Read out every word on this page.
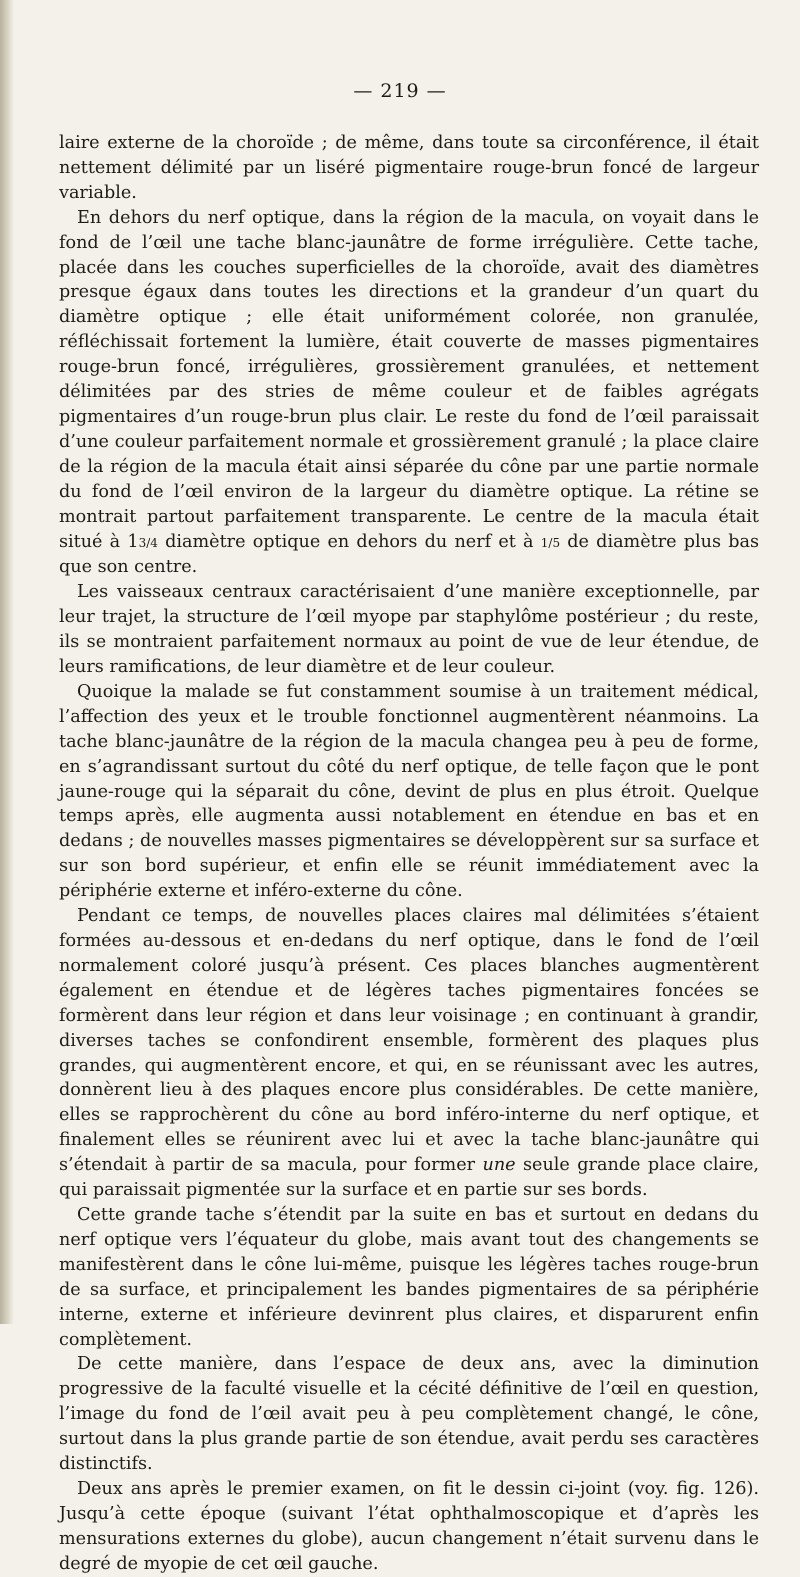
— 219 —

laire externe de la choroïde ; de même, dans toute sa circonférence, il était nettement délimité par un liséré pigmentaire rouge-brun foncé de largeur variable.

En dehors du nerf optique, dans la région de la macula, on voyait dans le fond de l’œil une tache blanc-jaunâtre de forme irrégulière. Cette tache, placée dans les couches superficielles de la choroïde, avait des diamètres presque égaux dans toutes les directions et la grandeur d’un quart du diamètre optique ; elle était uniformément colorée, non granulée, réfléchissait fortement la lumière, était couverte de masses pigmentaires rouge-brun foncé, irrégulières, grossièrement granulées, et nettement délimitées par des stries de même couleur et de faibles agrégats pigmentaires d’un rouge-brun plus clair. Le reste du fond de l’œil paraissait d’une couleur parfaitement normale et grossièrement granulé ; la place claire de la région de la macula était ainsi séparée du cône par une partie normale du fond de l’œil environ de la largeur du diamètre optique. La rétine se montrait partout parfaitement transparente. Le centre de la macula était situé à 13/4 diamètre optique en dehors du nerf et à 1/5 de diamètre plus bas que son centre.

Les vaisseaux centraux caractérisaient d’une manière exceptionnelle, par leur trajet, la structure de l’œil myope par staphylôme postérieur ; du reste, ils se montraient parfaitement normaux au point de vue de leur étendue, de leurs ramifications, de leur diamètre et de leur couleur.

Quoique la malade se fut constamment soumise à un traitement médical, l’affection des yeux et le trouble fonctionnel augmentèrent néanmoins. La tache blanc-jaunâtre de la région de la macula changea peu à peu de forme, en s’agrandissant surtout du côté du nerf optique, de telle façon que le pont jaune-rouge qui la séparait du cône, devint de plus en plus étroit. Quelque temps après, elle augmenta aussi notablement en étendue en bas et en dedans ; de nouvelles masses pigmentaires se développèrent sur sa surface et sur son bord supérieur, et enfin elle se réunit immédiatement avec la périphérie externe et inféro-externe du cône.

Pendant ce temps, de nouvelles places claires mal délimitées s’étaient formées au-dessous et en-dedans du nerf optique, dans le fond de l’œil normalement coloré jusqu’à présent. Ces places blanches augmentèrent également en étendue et de légères taches pigmentaires foncées se formèrent dans leur région et dans leur voisinage ; en continuant à grandir, diverses taches se confondirent ensemble, formèrent des plaques plus grandes, qui augmentèrent encore, et qui, en se réunissant avec les autres, donnèrent lieu à des plaques encore plus considérables. De cette manière, elles se rapprochèrent du cône au bord inféro-interne du nerf optique, et finalement elles se réunirent avec lui et avec la tache blanc-jaunâtre qui s’étendait à partir de sa macula, pour former une seule grande place claire, qui paraissait pigmentée sur la surface et en partie sur ses bords.

Cette grande tache s’étendit par la suite en bas et surtout en dedans du nerf optique vers l’équateur du globe, mais avant tout des changements se manifestèrent dans le cône lui-même, puisque les légères taches rouge-brun de sa surface, et principalement les bandes pigmentaires de sa périphérie interne, externe et inférieure devinrent plus claires, et disparurent enfin complètement.

De cette manière, dans l’espace de deux ans, avec la diminution progressive de la faculté visuelle et la cécité définitive de l’œil en question, l’image du fond de l’œil avait peu à peu complètement changé, le cône, surtout dans la plus grande partie de son étendue, avait perdu ses caractères distinctifs.

Deux ans après le premier examen, on fit le dessin ci-joint (voy. fig. 126). Jusqu’à cette époque (suivant l’état ophthalmoscopique et d’après les mensurations externes du globe), aucun changement n’était survenu dans le degré de myopie de cet œil gauche.
